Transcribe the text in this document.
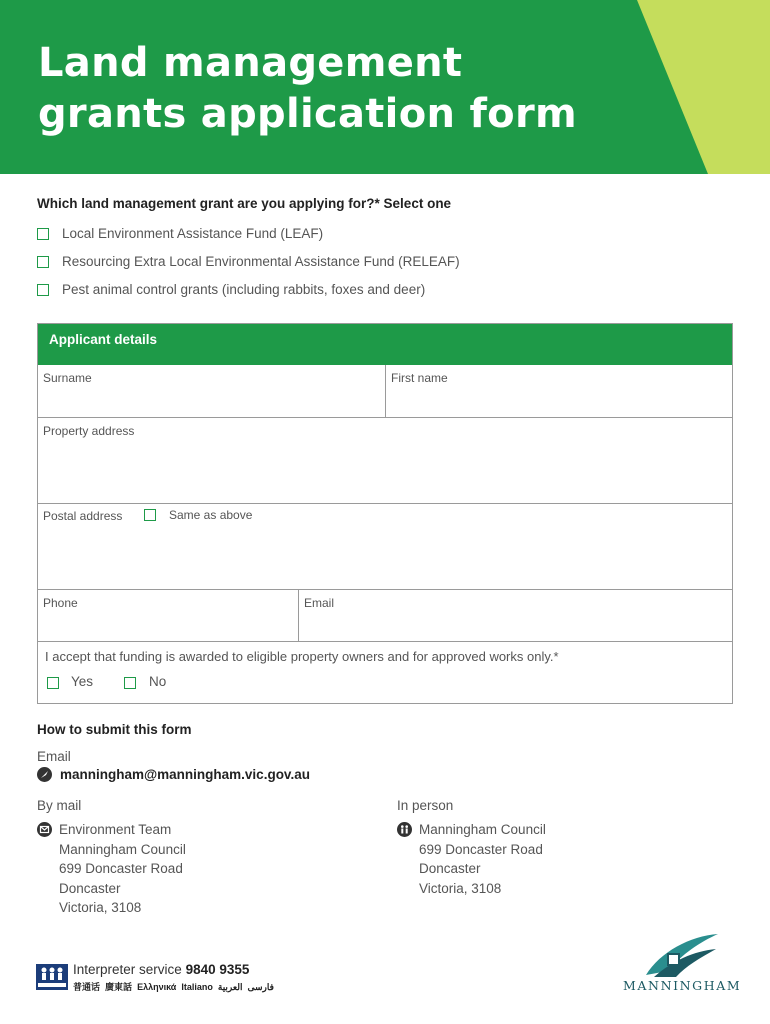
Land management
grants application form
Which land management grant are you applying for?* Select one
Local Environment Assistance Fund (LEAF)
Resourcing Extra Local Environmental Assistance Fund (RELEAF)
Pest animal control grants (including rabbits, foxes and deer)
Applicant details
Surname	First name
Property address
Postal address	Same as above
Phone	Email
I accept that funding is awarded to eligible property owners and for approved works only.*
Yes	No
How to submit this form
Email
manningham@manningham.vic.gov.au
By mail
Environment Team
Manningham Council
699 Doncaster Road
Doncaster
Victoria, 3108
In person
Manningham Council
699 Doncaster Road
Doncaster
Victoria, 3108
Interpreter service 9840 9355
普通话 廣東話 Ελληνικά Italiano	فارسی  العربية	MANNINGHAM
